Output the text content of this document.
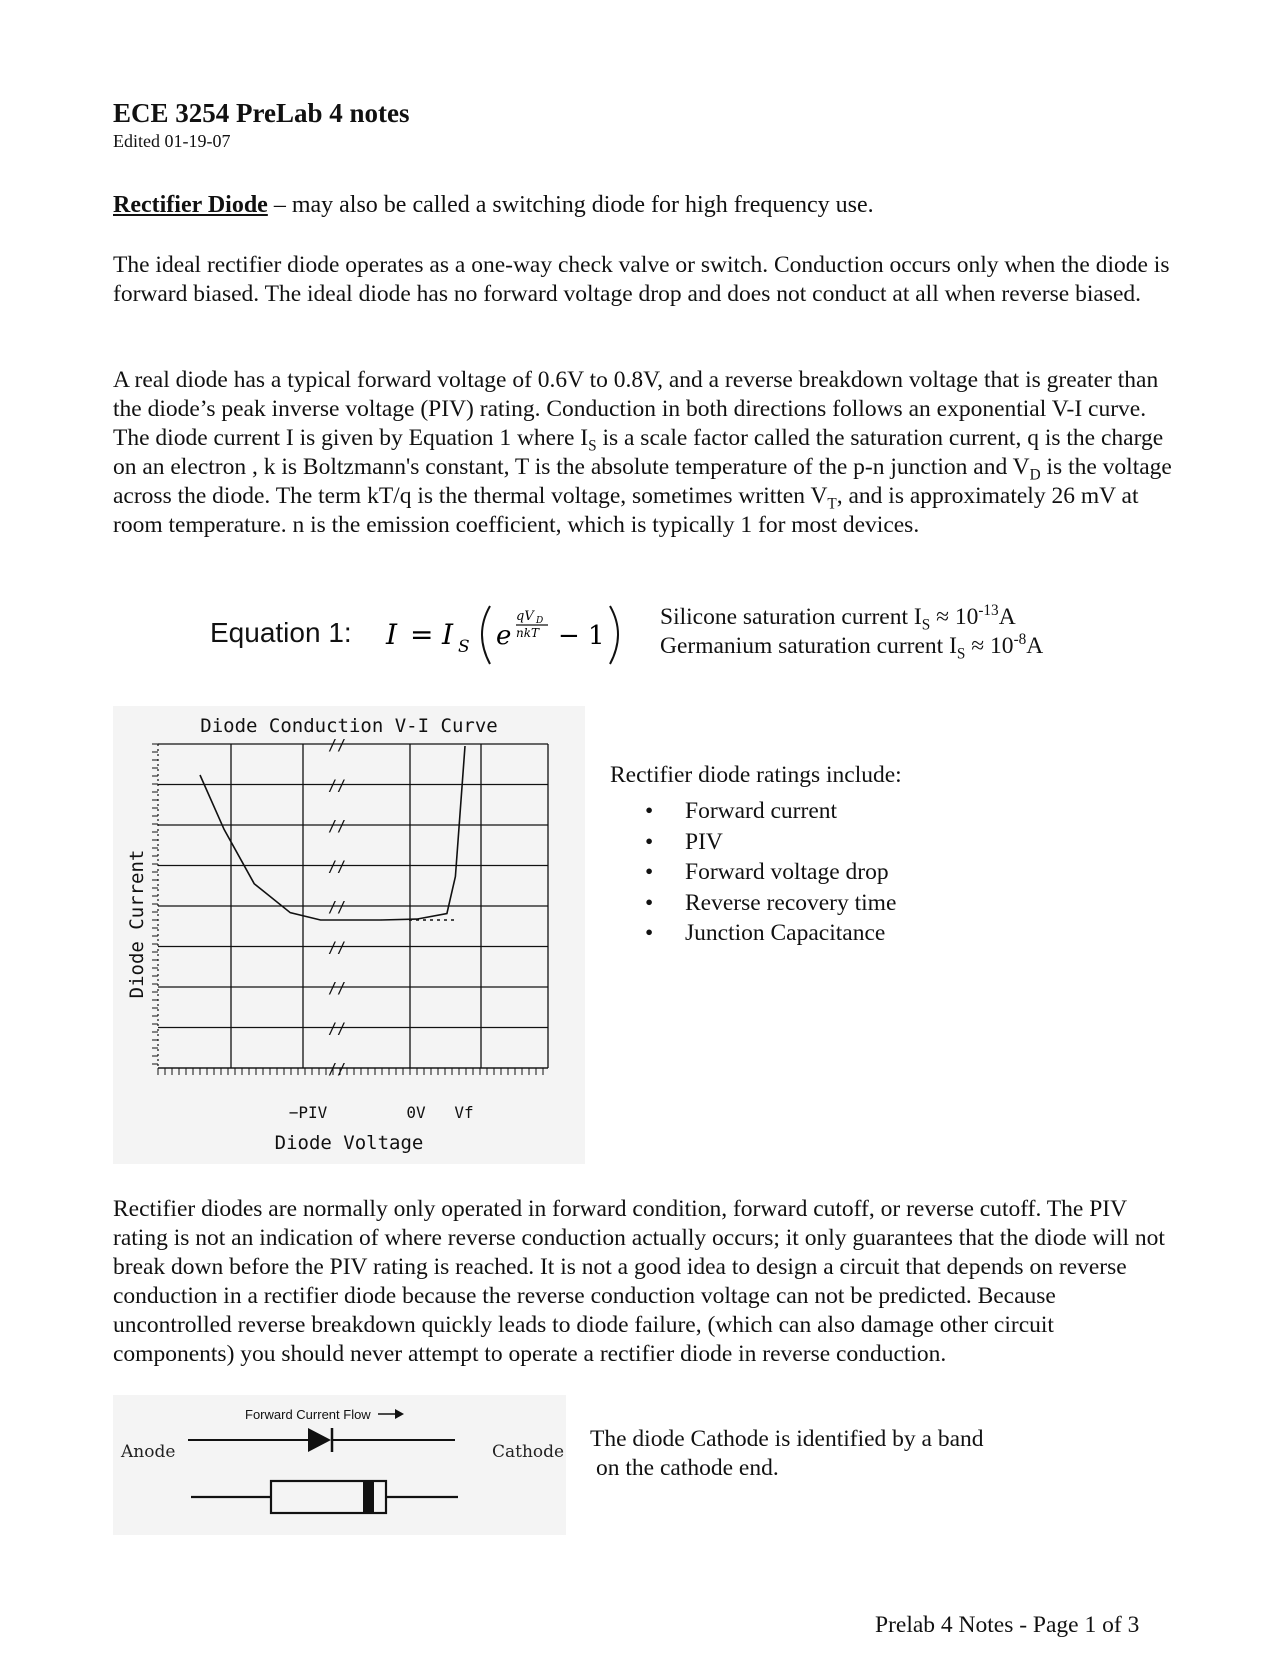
ECE 3254 PreLab 4 notes
Edited 01-19-07
Rectifier Diode – may also be called a switching diode for high frequency use.
The ideal rectifier diode operates as a one-way check valve or switch. Conduction occurs only when the diode is forward biased. The ideal diode has no forward voltage drop and does not conduct at all when reverse biased.
A real diode has a typical forward voltage of 0.6V to 0.8V, and a reverse breakdown voltage that is greater than the diode’s peak inverse voltage (PIV) rating. Conduction in both directions follows an exponential V-I curve. The diode current I is given by Equation 1 where $I_S$ is a scale factor called the saturation current, q is the charge on an electron , k is Boltzmann's constant, T is the absolute temperature of the p-n junction and $V_D$ is the voltage across the diode. The term kT/q is the thermal voltage, sometimes written $V_T$, and is approximately 26 mV at room temperature. n is the emission coefficient, which is typically 1 for most devices.
Equation 1: I = I S e
qV D
nkT − 1
Silicone saturation current $I_S \approx 10^{-13}A$
Germanium saturation current $I_S \approx 10^{-8}A$
Diode Conduction V-I Curve
//
//
//
//
//
//
//
//
//
−PIV	0V Vf
Diode Voltage
Diode Current
Rectifier diode ratings include:
• Forward current
• PIV
• Forward voltage drop
• Reverse recovery time
• Junction Capacitance
Rectifier diodes are normally only operated in forward condition, forward cutoff, or reverse cutoff. The PIV rating is not an indication of where reverse conduction actually occurs; it only guarantees that the diode will not break down before the PIV rating is reached. It is not a good idea to design a circuit that depends on reverse conduction in a rectifier diode because the reverse conduction voltage can not be predicted. Because uncontrolled reverse breakdown quickly leads to diode failure, (which can also damage other circuit components) you should never attempt to operate a rectifier diode in reverse conduction.
Forward Current Flow
Anode	Cathode The diode Cathode is identified by a band
on the cathode end.
Prelab 4 Notes - Page 1 of 3
